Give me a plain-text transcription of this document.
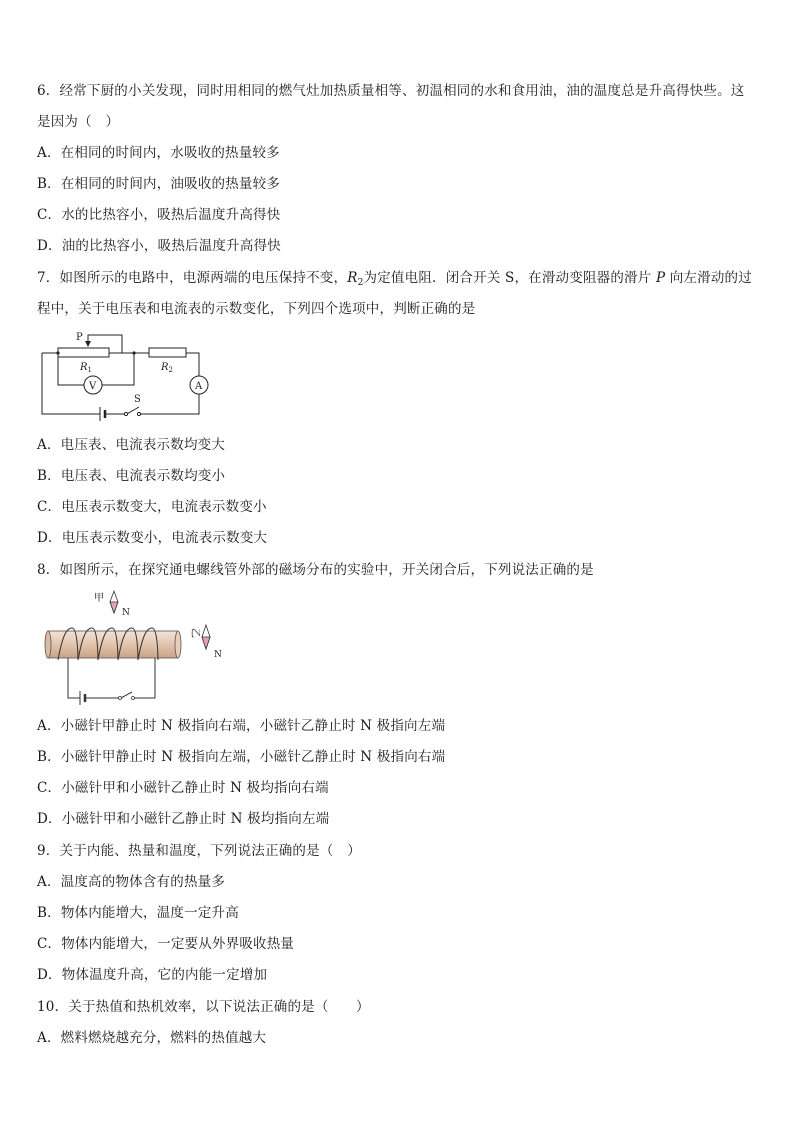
6．经常下厨的小关发现，同时用相同的燃气灶加热质量相等、初温相同的水和食用油，油的温度总是升高得快些。这
是因为（　）
A．在相同的时间内，水吸收的热量较多
B．在相同的时间内，油吸收的热量较多
C．水的比热容小，吸热后温度升高得快
D．油的比热容小，吸热后温度升高得快
7．如图所示的电路中，电源两端的电压保持不变，$R_2$为定值电阻．闭合开关 S，在滑动变阻器的滑片 P 向左滑动的过
程中，关于电压表和电流表的示数变化，下列四个选项中，判断正确的是
P
$R_1$	$R_2$
V	A
S
A．电压表、电流表示数均变大
B．电压表、电流表示数均变小
C．电压表示数变大，电流表示数变小
D．电压表示数变小，电流表示数变大
8．如图所示，在探究通电螺线管外部的磁场分布的实验中，开关闭合后，下列说法正确的是
甲
N
乙
N
A．小磁针甲静止时 N 极指向右端，小磁针乙静止时 N 极指向左端
B．小磁针甲静止时 N 极指向左端，小磁针乙静止时 N 极指向右端
C．小磁针甲和小磁针乙静止时 N 极均指向右端
D．小磁针甲和小磁针乙静止时 N 极均指向左端
9．关于内能、热量和温度，下列说法正确的是（　）
A．温度高的物体含有的热量多
B．物体内能增大，温度一定升高
C．物体内能增大，一定要从外界吸收热量
D．物体温度升高，它的内能一定增加
10．关于热值和热机效率，以下说法正确的是（　　）
A．燃料燃烧越充分，燃料的热值越大
